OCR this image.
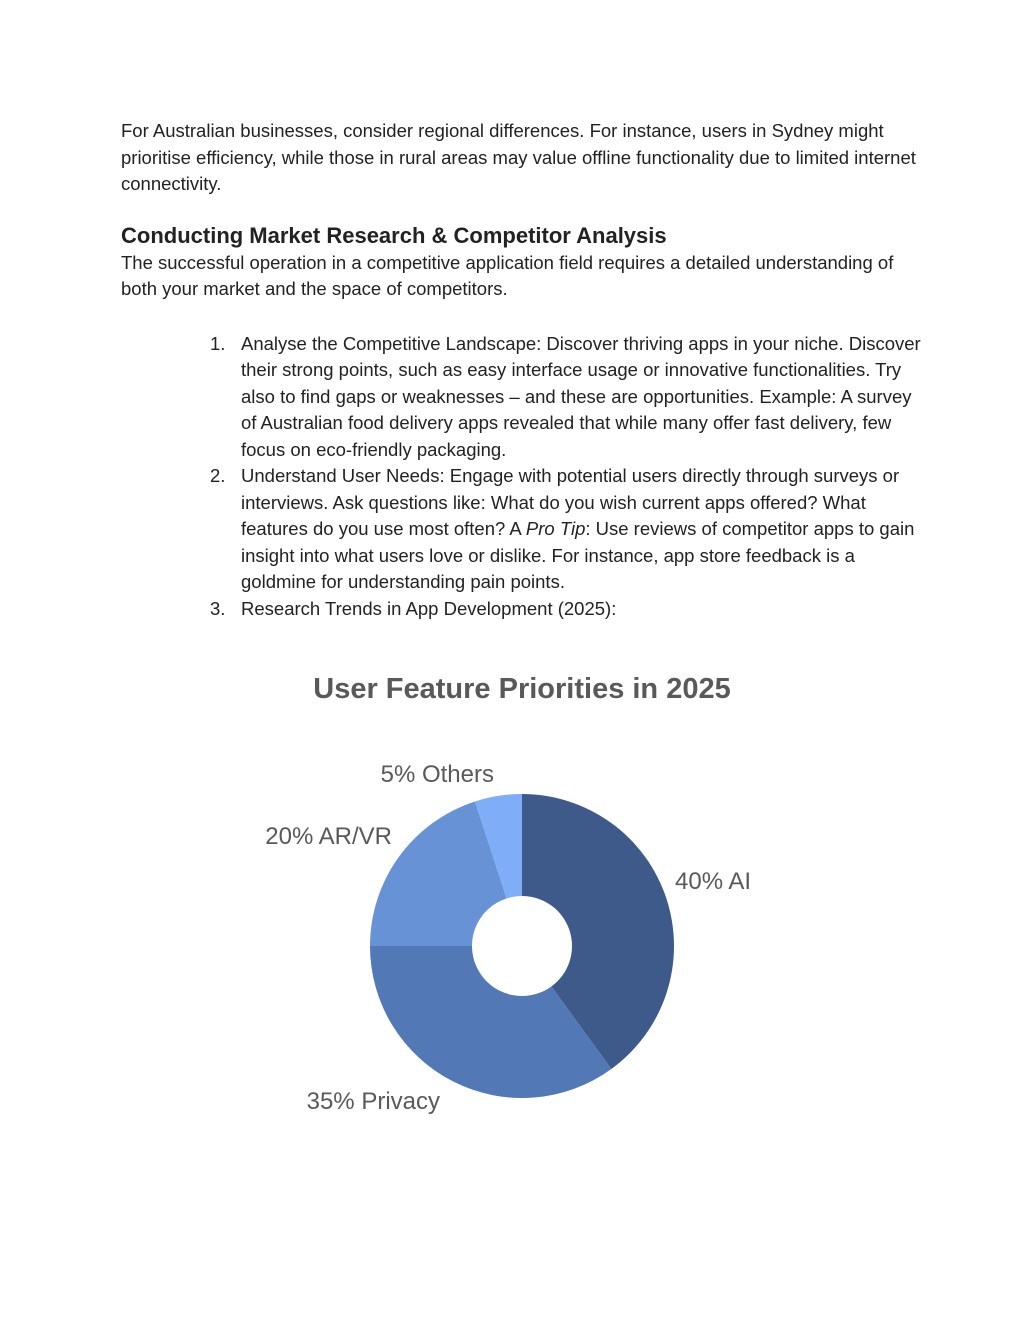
For Australian businesses, consider regional differences. For instance, users in Sydney might prioritise efficiency, while those in rural areas may value offline functionality due to limited internet connectivity.

Conducting Market Research & Competitor Analysis

The successful operation in a competitive application field requires a detailed understanding of both your market and the space of competitors.

1. Analyse the Competitive Landscape: Discover thriving apps in your niche. Discover their strong points, such as easy interface usage or innovative functionalities. Try also to find gaps or weaknesses – and these are opportunities. Example: A survey of Australian food delivery apps revealed that while many offer fast delivery, few focus on eco-friendly packaging.
2. Understand User Needs: Engage with potential users directly through surveys or interviews. Ask questions like: What do you wish current apps offered? What features do you use most often? A Pro Tip: Use reviews of competitor apps to gain insight into what users love or dislike. For instance, app store feedback is a goldmine for understanding pain points.
3. Research Trends in App Development (2025):
User Feature Priorities in 2025
40% AI
35% Privacy
20% AR/VR
5% Others
